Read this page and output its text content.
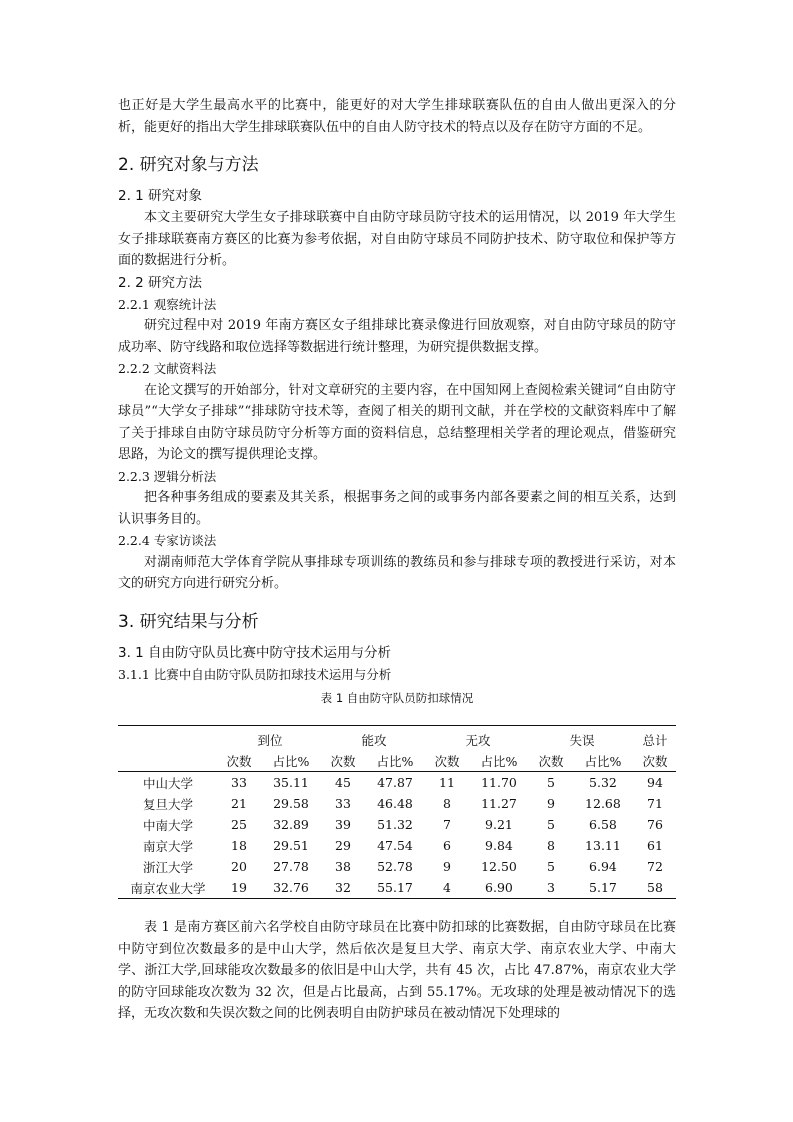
也正好是大学生最高水平的比赛中，能更好的对大学生排球联赛队伍的自由人做出更深入的分析，能更好的指出大学生排球联赛队伍中的自由人防守技术的特点以及存在防守方面的不足。

2. 研究对象与方法
2. 1 研究对象

本文主要研究大学生女子排球联赛中自由防守球员防守技术的运用情况，以 2019 年大学生女子排球联赛南方赛区的比赛为参考依据，对自由防守球员不同防护技术、防守取位和保护等方面的数据进行分析。

2. 2 研究方法
2.2.1 观察统计法

研究过程中对 2019 年南方赛区女子组排球比赛录像进行回放观察，对自由防守球员的防守成功率、防守线路和取位选择等数据进行统计整理，为研究提供数据支撑。

2.2.2 文献资料法

在论文撰写的开始部分，针对文章研究的主要内容，在中国知网上查阅检索关键词“自由防守球员”“大学女子排球”“排球防守技术等，查阅了相关的期刊文献，并在学校的文献资料库中了解了关于排球自由防守球员防守分析等方面的资料信息，总结整理相关学者的理论观点，借鉴研究思路，为论文的撰写提供理论支撑。

2.2.3 逻辑分析法

把各种事务组成的要素及其关系，根据事务之间的或事务内部各要素之间的相互关系，达到认识事务目的。

2.2.4 专家访谈法

对湖南师范大学体育学院从事排球专项训练的教练员和参与排球专项的教授进行采访，对本文的研究方向进行研究分析。

3. 研究结果与分析
3. 1 自由防守队员比赛中防守技术运用与分析
3.1.1 比赛中自由防守队员防扣球技术运用与分析
表 1 自由防守队员防扣球情况
	到位		能攻		无攻		失误		总计
	次数	占比%	次数	占比%	次数	占比%	次数	占比%	次数
中山大学	33	35.11	45	47.87	11	11.70	5	5.32	94
复旦大学	21	29.58	33	46.48	8	11.27	9	12.68	71
中南大学	25	32.89	39	51.32	7	9.21	5	6.58	76
南京大学	18	29.51	29	47.54	6	9.84	8	13.11	61
浙江大学	20	27.78	38	52.78	9	12.50	5	6.94	72
南京农业大学	19	32.76	32	55.17	4	6.90	3	5.17	58

表 1 是南方赛区前六名学校自由防守球员在比赛中防扣球的比赛数据，自由防守球员在比赛中防守到位次数最多的是中山大学，然后依次是复旦大学、南京大学、南京农业大学、中南大学、浙江大学,回球能攻次数最多的依旧是中山大学，共有 45 次，占比 47.87%，南京农业大学的防守回球能攻次数为 32 次，但是占比最高，占到 55.17%。无攻球的处理是被动情况下的选择，无攻次数和失误次数之间的比例表明自由防护球员在被动情况下处理球的
